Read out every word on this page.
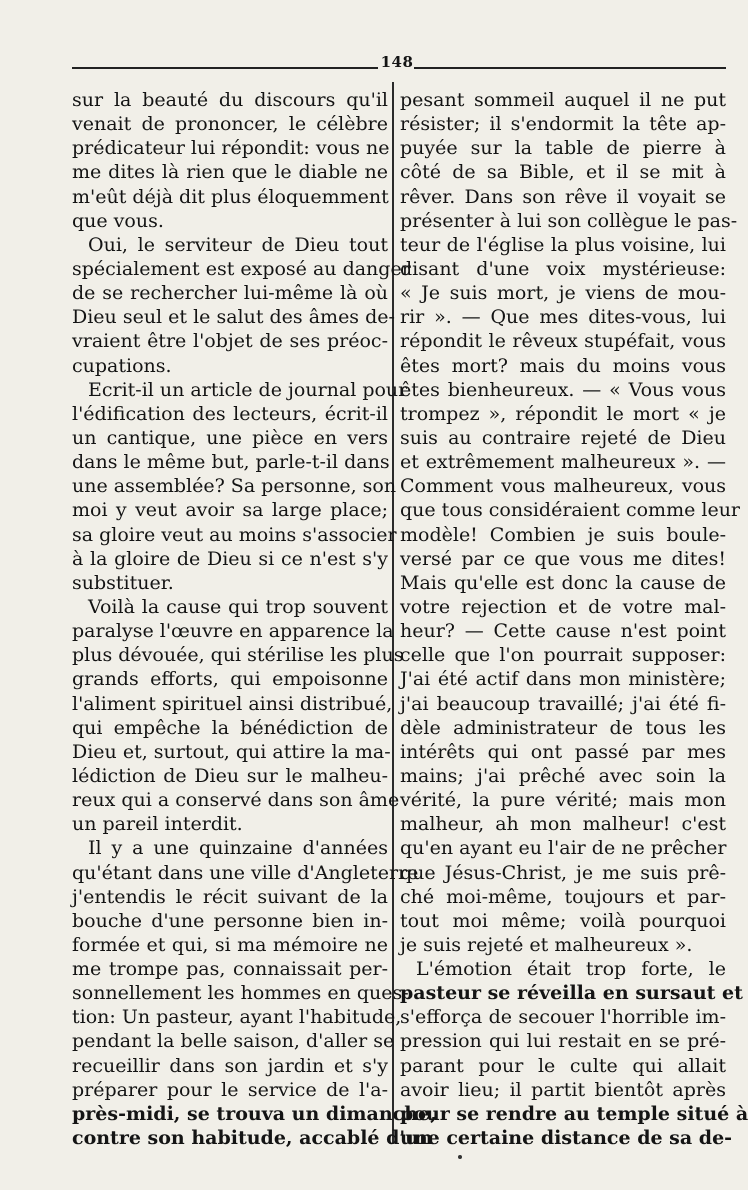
148
sur la beauté du discours qu'il
venait de prononcer, le célèbre
prédicateur lui répondit: vous ne
me dites là rien que le diable ne
m'eût déjà dit plus éloquemment
que vous.
Oui, le serviteur de Dieu tout
spécialement est exposé au danger
de se rechercher lui-même là où
Dieu seul et le salut des âmes de-
vraient être l'objet de ses préoc-
cupations.
Ecrit-il un article de journal pour
l'édification des lecteurs, écrit-il
un cantique, une pièce en vers
dans le même but, parle-t-il dans
une assemblée? Sa personne, son
moi y veut avoir sa large place;
sa gloire veut au moins s'associer
à la gloire de Dieu si ce n'est s'y
substituer.
Voilà la cause qui trop souvent
paralyse l'œuvre en apparence la
plus dévouée, qui stérilise les plus
grands efforts, qui empoisonne
l'aliment spirituel ainsi distribué,
qui empêche la bénédiction de
Dieu et, surtout, qui attire la ma-
lédiction de Dieu sur le malheu-
reux qui a conservé dans son âme
un pareil interdit.
Il y a une quinzaine d'années
qu'étant dans une ville d'Angleterre
j'entendis le récit suivant de la
bouche d'une personne bien in-
formée et qui, si ma mémoire ne
me trompe pas, connaissait per-
sonnellement les hommes en ques-
tion: Un pasteur, ayant l'habitude,
pendant la belle saison, d'aller se
recueillir dans son jardin et s'y
préparer pour le service de l'a-
près-midi, se trouva un dimanche,
contre son habitude, accablé d'un
pesant sommeil auquel il ne put
résister; il s'endormit la tête ap-
puyée sur la table de pierre à
côté de sa Bible, et il se mit à
rêver. Dans son rêve il voyait se
présenter à lui son collègue le pas-
teur de l'église la plus voisine, lui
disant d'une voix mystérieuse:
« Je suis mort, je viens de mou-
rir ». — Que mes dites-vous, lui
répondit le rêveux stupéfait, vous
êtes mort? mais du moins vous
êtes bienheureux. — « Vous vous
trompez », répondit le mort « je
suis au contraire rejeté de Dieu
et extrêmement malheureux ». —
Comment vous malheureux, vous
que tous considéraient comme leur
modèle! Combien je suis boule-
versé par ce que vous me dites!
Mais qu'elle est donc la cause de
votre rejection et de votre mal-
heur? — Cette cause n'est point
celle que l'on pourrait supposer:
J'ai été actif dans mon ministère;
j'ai beaucoup travaillé; j'ai été fi-
dèle administrateur de tous les
intérêts qui ont passé par mes
mains; j'ai prêché avec soin la
vérité, la pure vérité; mais mon
malheur, ah mon malheur! c'est
qu'en ayant eu l'air de ne prêcher
que Jésus-Christ, je me suis prê-
ché moi-même, toujours et par-
tout moi même; voilà pourquoi
je suis rejeté et malheureux ».
L'émotion était trop forte, le
pasteur se réveilla en sursaut et
s'efforça de secouer l'horrible im-
pression qui lui restait en se pré-
parant pour le culte qui allait
avoir lieu; il partit bientôt après
pour se rendre au temple situé à
une certaine distance de sa de-
